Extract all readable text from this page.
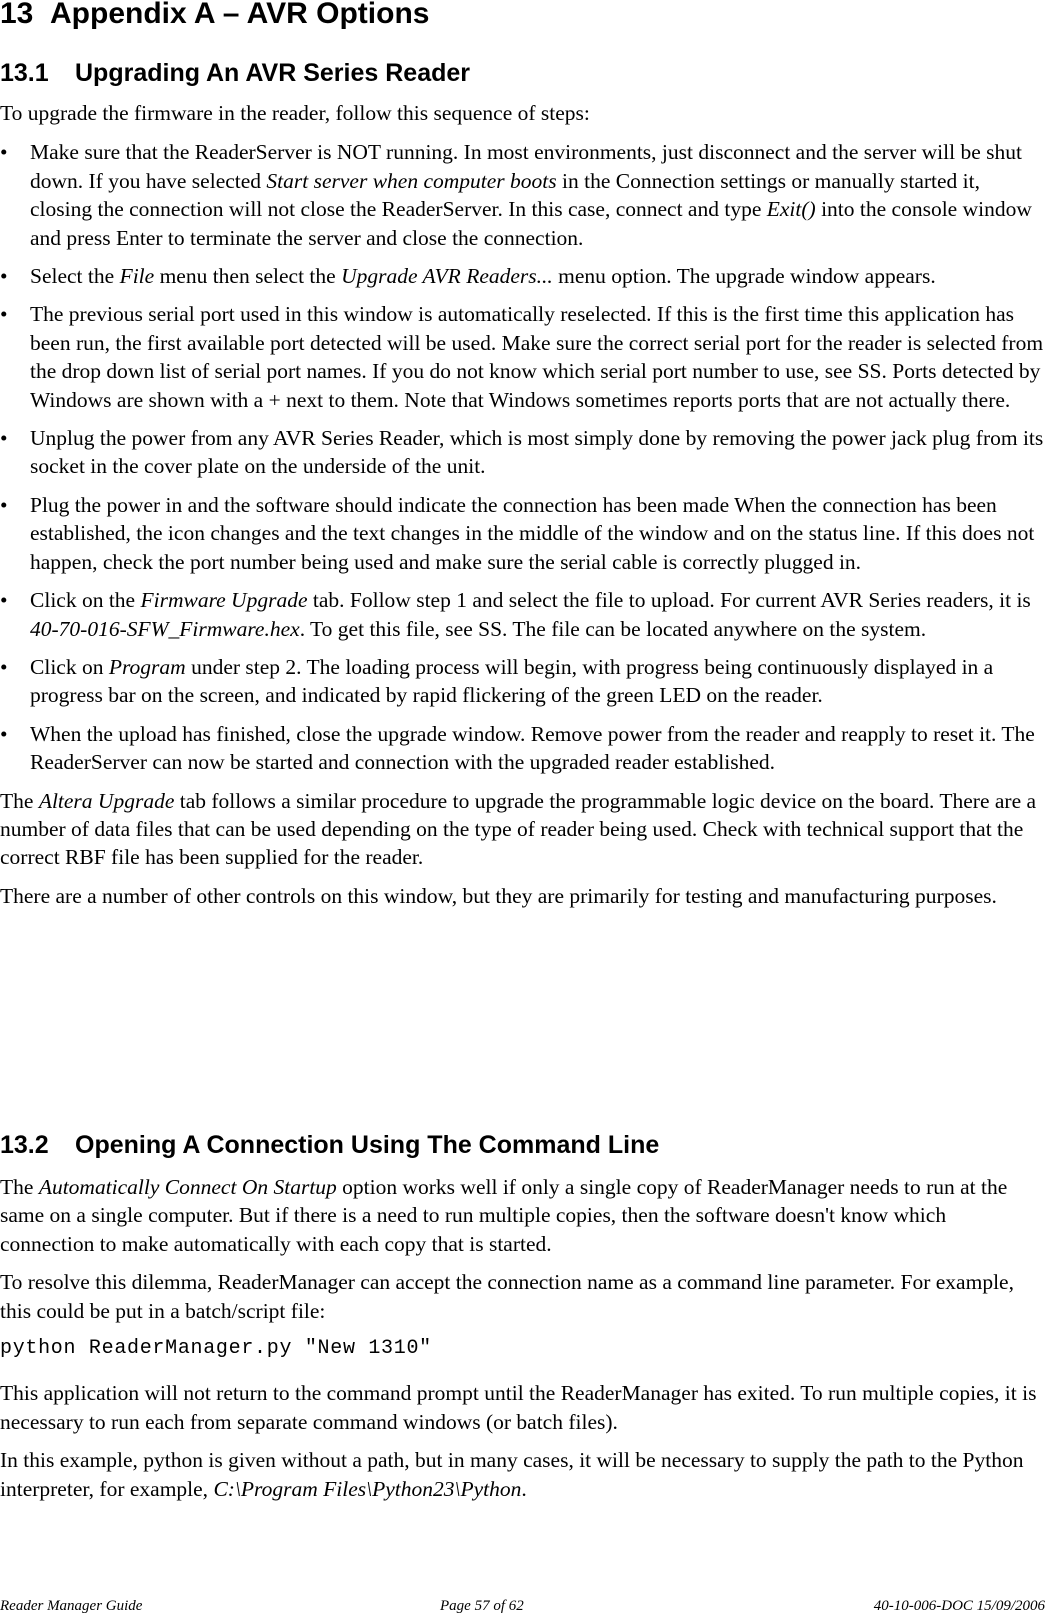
13 Appendix A – AVR Options
13.1 Upgrading An AVR Series Reader

To upgrade the firmware in the reader, follow this sequence of steps:

• Make sure that the ReaderServer is NOT running. In most environments, just disconnect and the server will be shut down. If you have selected Start server when computer boots in the Connection settings or manually started it, closing the connection will not close the ReaderServer. In this case, connect and type Exit() into the console window and press Enter to terminate the server and close the connection.
• Select the File menu then select the Upgrade AVR Readers... menu option. The upgrade window appears.
• The previous serial port used in this window is automatically reselected. If this is the first time this application has been run, the first available port detected will be used. Make sure the correct serial port for the reader is selected from the drop down list of serial port names. If you do not know which serial port number to use, see SS. Ports detected by Windows are shown with a + next to them. Note that Windows sometimes reports ports that are not actually there.
• Unplug the power from any AVR Series Reader, which is most simply done by removing the power jack plug from its socket in the cover plate on the underside of the unit.
• Plug the power in and the software should indicate the connection has been made When the connection has been established, the icon changes and the text changes in the middle of the window and on the status line. If this does not happen, check the port number being used and make sure the serial cable is correctly plugged in.
• Click on the Firmware Upgrade tab. Follow step 1 and select the file to upload. For current AVR Series readers, it is 40-70-016-SFW_Firmware.hex. To get this file, see SS. The file can be located anywhere on the system.
• Click on Program under step 2. The loading process will begin, with progress being continuously displayed in a progress bar on the screen, and indicated by rapid flickering of the green LED on the reader.
• When the upload has finished, close the upgrade window. Remove power from the reader and reapply to reset it. The ReaderServer can now be started and connection with the upgraded reader established.

The Altera Upgrade tab follows a similar procedure to upgrade the programmable logic device on the board. There are a number of data files that can be used depending on the type of reader being used. Check with technical support that the correct RBF file has been supplied for the reader.

There are a number of other controls on this window, but they are primarily for testing and manufacturing purposes.

13.2 Opening A Connection Using The Command Line

The Automatically Connect On Startup option works well if only a single copy of ReaderManager needs to run at the same on a single computer. But if there is a need to run multiple copies, then the software doesn't know which connection to make automatically with each copy that is started.

To resolve this dilemma, ReaderManager can accept the connection name as a command line parameter. For example, this could be put in a batch/script file:

python ReaderManager.py "New 1310"

This application will not return to the command prompt until the ReaderManager has exited. To run multiple copies, it is necessary to run each from separate command windows (or batch files).

In this example, python is given without a path, but in many cases, it will be necessary to supply the path to the Python interpreter, for example, C:\Program Files\Python23\Python.

Reader Manager Guide	Page 57 of 62	40-10-006-DOC 15/09/2006
